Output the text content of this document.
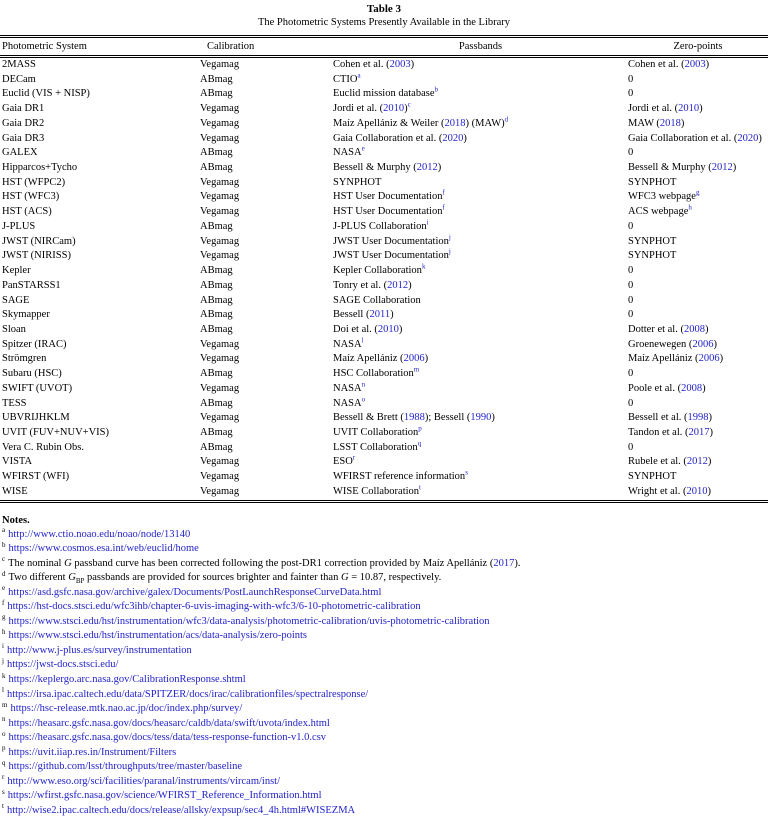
Table 3
The Photometric Systems Presently Available in the Library
Photometric System	Calibration	Passbands	Zero-points
2MASS	Vegamag	Cohen et al. (2003)	Cohen et al. (2003)
DECam	ABmag	CTIO$^a$	0
Euclid (VIS + NISP)	ABmag	Euclid mission database$^b$	0
Gaia DR1	Vegamag	Jordi et al. $(2010)^c$	Jordi et al. (2010)
Gaia DR2	Vegamag	Maíz Apellániz & Weiler (2018) (MAW)$^d$	MAW (2018)
Gaia DR3	Vegamag	Gaia Collaboration et al. (2020)	Gaia Collaboration et al. (2020)
GALEX	ABmag	NASA$^e$	0
Hipparcos+Tycho	ABmag	Bessell & Murphy (2012)	Bessell & Murphy (2012)
HST (WFPC2)	Vegamag	SYNPHOT	SYNPHOT
HST (WFC3)	Vegamag	HST User Documentation$^f$	WFC3 webpage$^g$
HST (ACS)	Vegamag	HST User Documentation$^f$	ACS webpage$^h$
J-PLUS	ABmag	J-PLUS Collaboration$^i$	0
JWST (NIRCam)	Vegamag	JWST User Documentation$^j$	SYNPHOT
JWST (NIRISS)	Vegamag	JWST User Documentation$^j$	SYNPHOT
Kepler	ABmag	Kepler Collaboration$^k$	0
PanSTARSS1	ABmag	Tonry et al. (2012)	0
SAGE	ABmag	SAGE Collaboration	0
Skymapper	ABmag	Bessell (2011)	0
Sloan	ABmag	Doi et al. (2010)	Dotter et al. (2008)
Spitzer (IRAC)	Vegamag	NASA$^l$	Groenewegen (2006)
Strömgren	Vegamag	Maíz Apellániz (2006)	Maíz Apellániz (2006)
Subaru (HSC)	ABmag	HSC Collaboration$^m$	0
SWIFT (UVOT)	Vegamag	NASA$^n$	Poole et al. (2008)
TESS	ABmag	NASA$^o$	0
UBVRIJHKLM	Vegamag	Bessell & Brett (1988); Bessell (1990)	Bessell et al. (1998)
UVIT (FUV+NUV+VIS)	ABmag	UVIT Collaboration$^p$	Tandon et al. (2017)
Vera C. Rubin Obs.	ABmag	LSST Collaboration$^q$	0
VISTA	Vegamag	ESO$^r$	Rubele et al. (2012)
WFIRST (WFI)	Vegamag	WFIRST reference information$^s$	SYNPHOT
WISE	Vegamag	WISE Collaboration$^t$	Wright et al. (2010)
Notes.
$^a$ http://www.ctio.noao.edu/noao/node/13140
$^b$ https://www.cosmos.esa.int/web/euclid/home
$^c$ The nominal G passband curve has been corrected following the post-DR1 correction provided by Maíz Apellániz (2017).
$^d$ Two different $G_{BP}$ passbands are provided for sources brighter and fainter than G = 10.87, respectively.
$^e$ https://asd.gsfc.nasa.gov/archive/galex/Documents/PostLaunchResponseCurveData.html
$^f$ https://hst-docs.stsci.edu/wfc3ihb/chapter-6-uvis-imaging-with-wfc3/6-10-photometric-calibration
$^g$ https://www.stsci.edu/hst/instrumentation/wfc3/data-analysis/photometric-calibration/uvis-photometric-calibration
$^h$ https://www.stsci.edu/hst/instrumentation/acs/data-analysis/zero-points
$^i$ http://www.j-plus.es/survey/instrumentation
$^j$ https://jwst-docs.stsci.edu/
$^k$ https://keplergo.arc.nasa.gov/CalibrationResponse.shtml
$^l$ https://irsa.ipac.caltech.edu/data/SPITZER/docs/irac/calibrationfiles/spectralresponse/
$^m$ https://hsc-release.mtk.nao.ac.jp/doc/index.php/survey/
$^n$ https://heasarc.gsfc.nasa.gov/docs/heasarc/caldb/data/swift/uvota/index.html
$^o$ https://heasarc.gsfc.nasa.gov/docs/tess/data/tess-response-function-v1.0.csv
$^p$ https://uvit.iiap.res.in/Instrument/Filters
$^q$ https://github.com/lsst/throughputs/tree/master/baseline
$^r$ http://www.eso.org/sci/facilities/paranal/instruments/vircam/inst/
$^s$ https://wfirst.gsfc.nasa.gov/science/WFIRST_Reference_Information.html
$^t$ http://wise2.ipac.caltech.edu/docs/release/allsky/expsup/sec4_4h.html#WISEZMA
